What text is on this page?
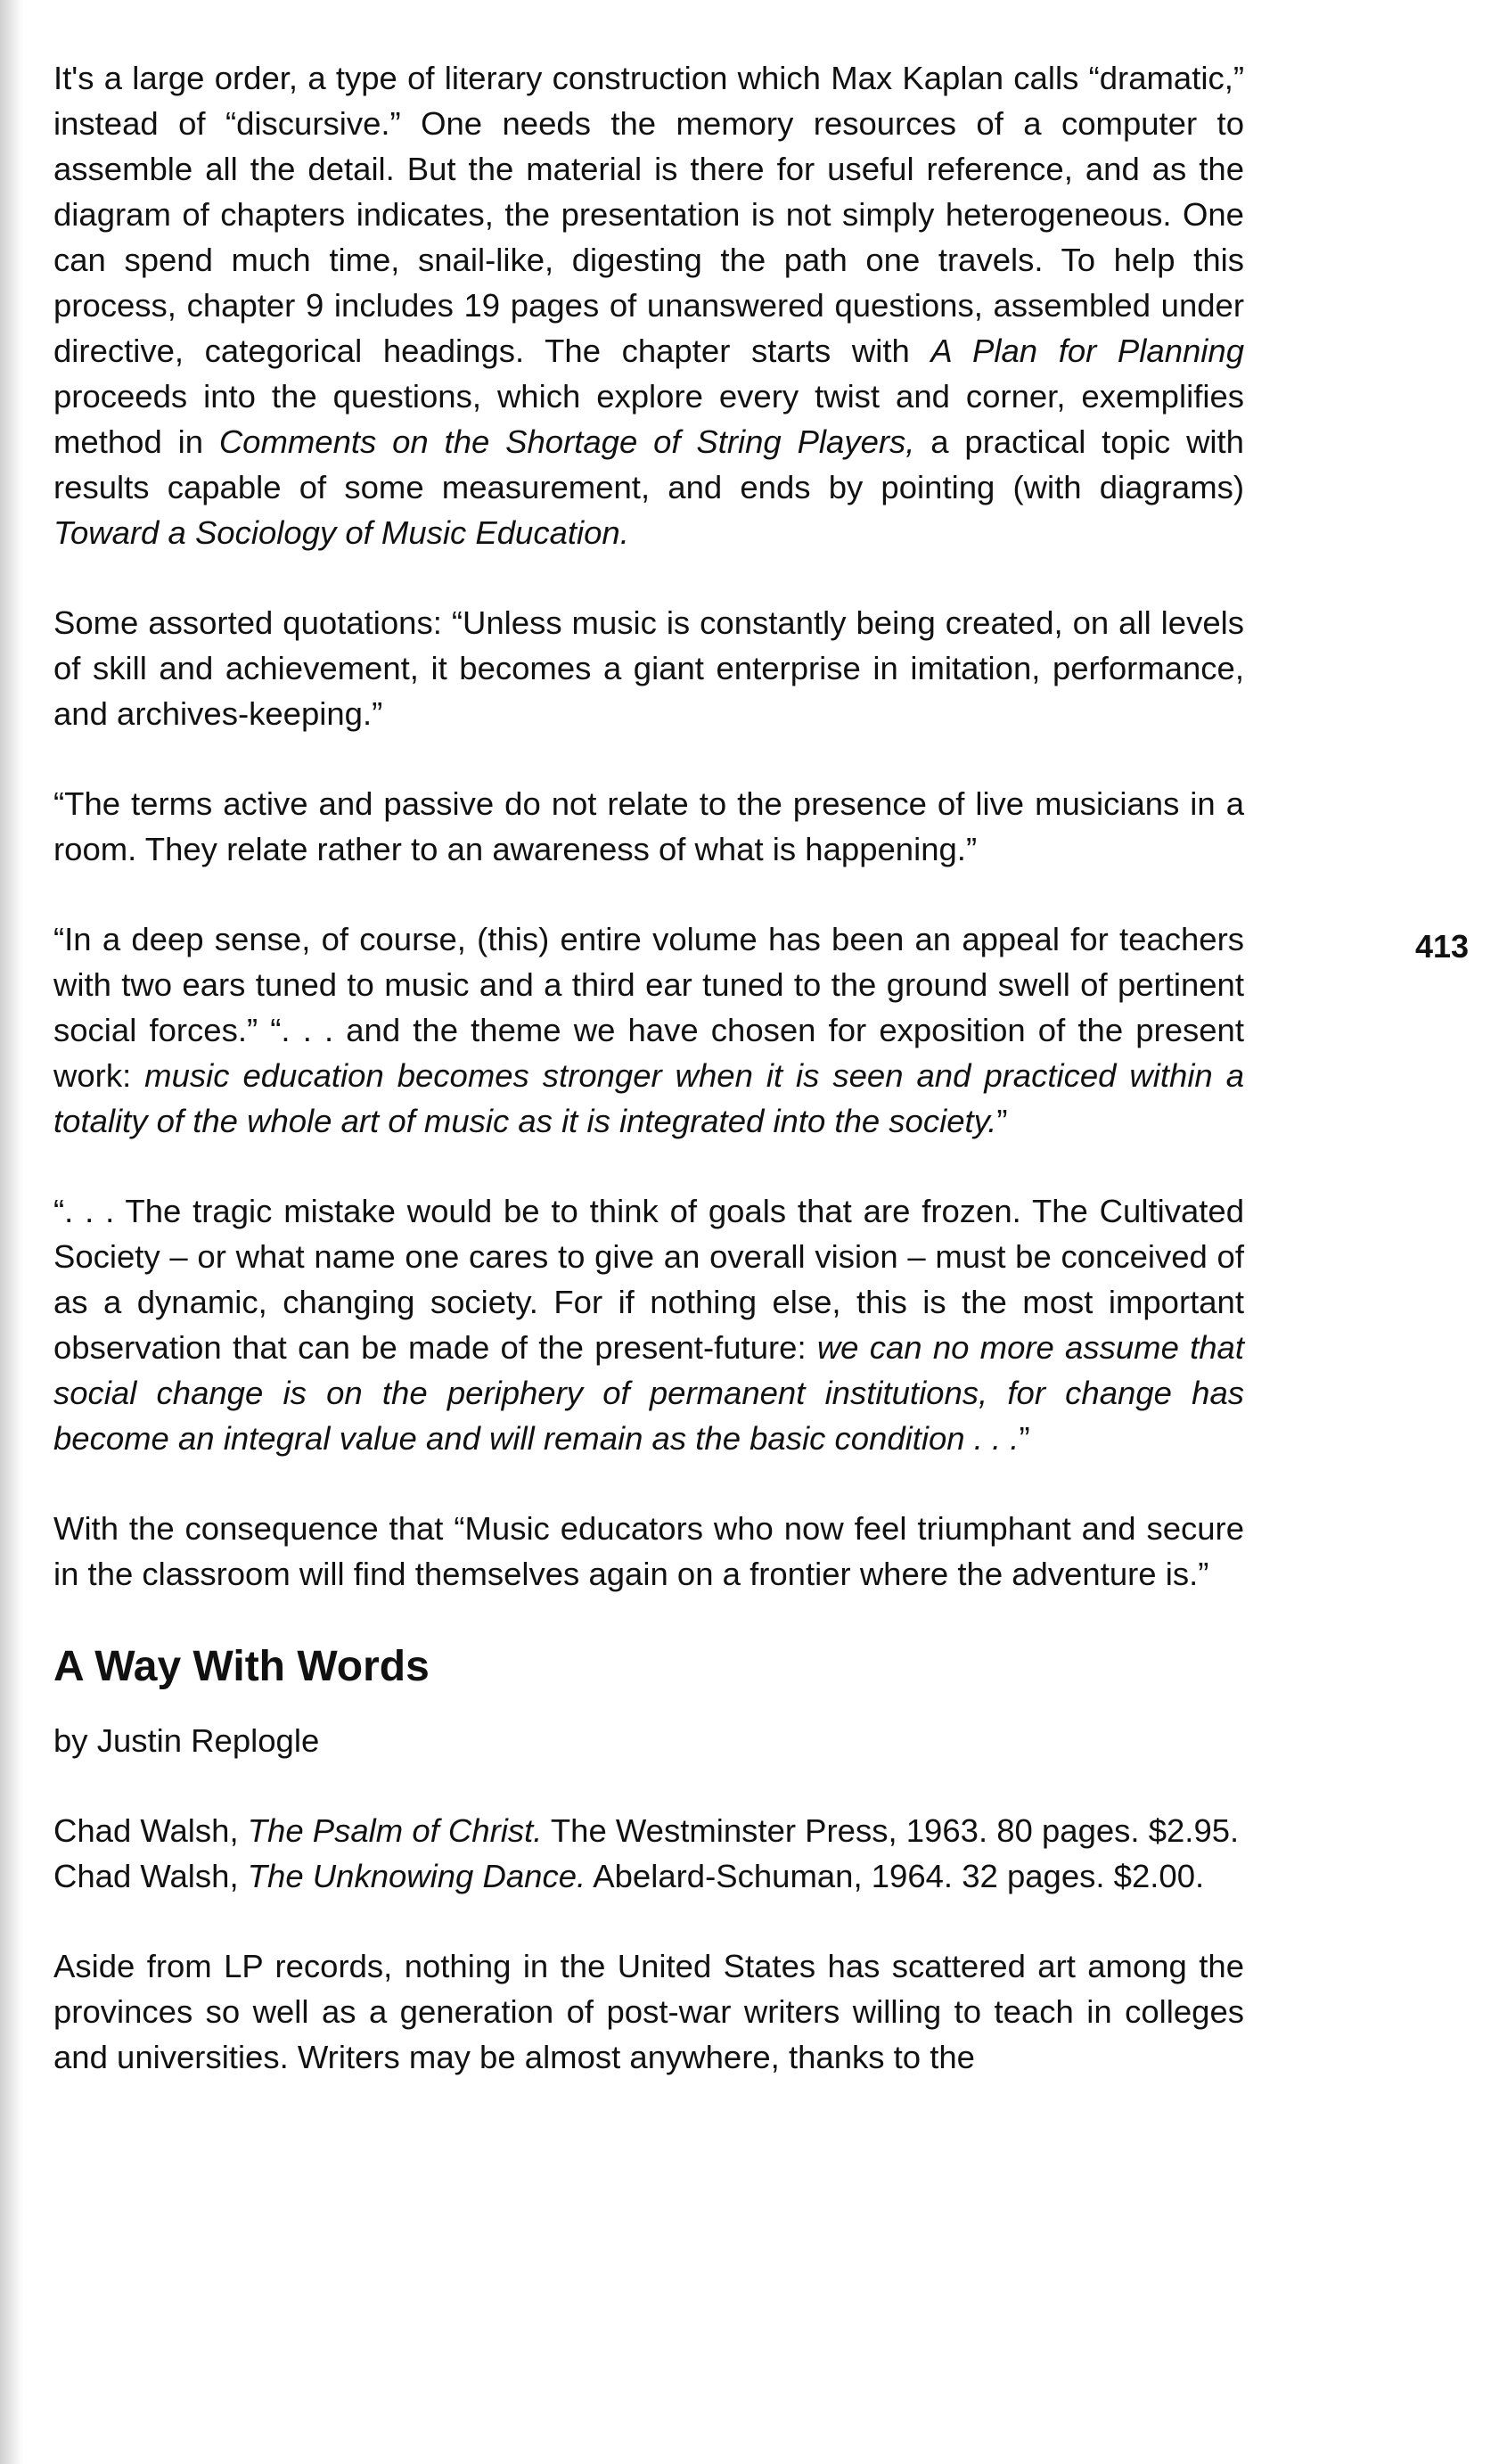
413

It's a large order, a type of literary construction which Max Kaplan calls “dramatic,” instead of “discursive.” One needs the memory resources of a computer to assemble all the detail. But the material is there for useful reference, and as the diagram of chapters indicates, the presentation is not simply heterogeneous. One can spend much time, snail-like, digesting the path one travels. To help this process, chapter 9 includes 19 pages of unanswered questions, assembled under directive, categorical headings. The chapter starts with A Plan for Planning proceeds into the questions, which explore every twist and corner, exemplifies method in Comments on the Shortage of String Players, a practical topic with results capable of some measurement, and ends by pointing (with diagrams) Toward a Sociology of Music Education.

Some assorted quotations: “Unless music is constantly being created, on all levels of skill and achievement, it becomes a giant enterprise in imitation, performance, and archives-keeping.”

“The terms active and passive do not relate to the presence of live musicians in a room. They relate rather to an awareness of what is happening.”

“In a deep sense, of course, (this) entire volume has been an appeal for teachers with two ears tuned to music and a third ear tuned to the ground swell of pertinent social forces.” “. . . and the theme we have chosen for exposition of the present work: music education becomes stronger when it is seen and practiced within a totality of the whole art of music as it is integrated into the society.”

“. . . The tragic mistake would be to think of goals that are frozen. The Cultivated Society – or what name one cares to give an overall vision – must be conceived of as a dynamic, changing society. For if nothing else, this is the most important observation that can be made of the present-future: we can no more assume that social change is on the periphery of permanent institutions, for change has become an integral value and will remain as the basic condition . . .”

With the consequence that “Music educators who now feel triumphant and secure in the classroom will find themselves again on a frontier where the adventure is.”

A Way With Words
by Justin Replogle

Chad Walsh, The Psalm of Christ. The Westminster Press, 1963. 80 pages. $2.95.

Chad Walsh, The Unknowing Dance. Abelard-Schuman, 1964. 32 pages. $2.00.

Aside from LP records, nothing in the United States has scattered art among the provinces so well as a generation of post-war writers willing to teach in colleges and universities. Writers may be almost anywhere, thanks to the
